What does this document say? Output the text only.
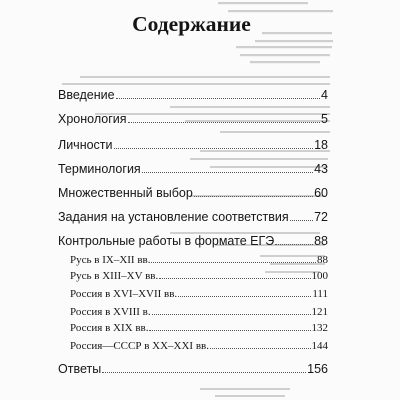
Содержание
Введение	4
Хронология	5
Личности	18
Терминология	43
Множественный выбор	60
Задания на установление соответствия 72
Контрольные работы в формате ЕГЭ	88
Русь в IX–XII вв.	88
Русь в XIII–XV вв.	100
Россия в XVI–XVII вв.	111
Россия в XVIII в.	121
Россия в XIX вв.	132
Россия—СССР в XX–XXI вв.	144
Ответы	156
